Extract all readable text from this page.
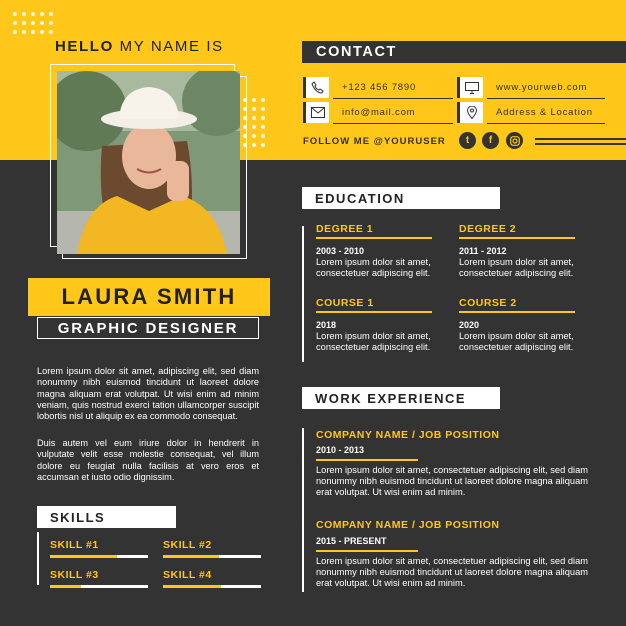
HELLO MY NAME IS
LAURA SMITH
GRAPHIC DESIGNER

Lorem ipsum dolor sit amet, adipiscing elit, sed diam nonummy nibh euismod tincidunt ut laoreet dolore magna aliquam erat volutpat. Ut wisi enim ad minim veniam, quis nostrud exerci tation ullamcorper suscipit lobortis nisl ut aliquip ex ea commodo consequat.

Duis autem vel eum iriure dolor in hendrerit in vulputate velit esse molestie consequat, vel illum dolore eu feugiat nulla facilisis at vero eros et accumsan et iusto odio dignissim.

SKILLS
SKILL #1	SKILL #2
SKILL #3	SKILL #4
CONTACT
+123 456 7890
info@mail.com
www.yourweb.com
Address & Location
FOLLOW ME @YOURUSER	t	f
EDUCATION
DEGREE 1
2003 - 2010
Lorem ipsum dolor sit amet, consectetuer adipiscing elit.
DEGREE 2
2011 - 2012
Lorem ipsum dolor sit amet, consectetuer adipiscing elit.
COURSE 1
2018
Lorem ipsum dolor sit amet, consectetuer adipiscing elit.
COURSE 2
2020
Lorem ipsum dolor sit amet, consectetuer adipiscing elit.
WORK EXPERIENCE
COMPANY NAME / JOB POSITION
2010 - 2013
Lorem ipsum dolor sit amet, consectetuer adipiscing elit, sed diam nonummy nibh euismod tincidunt ut laoreet dolore magna aliquam erat volutpat. Ut wisi enim ad minim.
COMPANY NAME / JOB POSITION
2015 - PRESENT
Lorem ipsum dolor sit amet, consectetuer adipiscing elit, sed diam nonummy nibh euismod tincidunt ut laoreet dolore magna aliquam erat volutpat. Ut wisi enim ad minim.
